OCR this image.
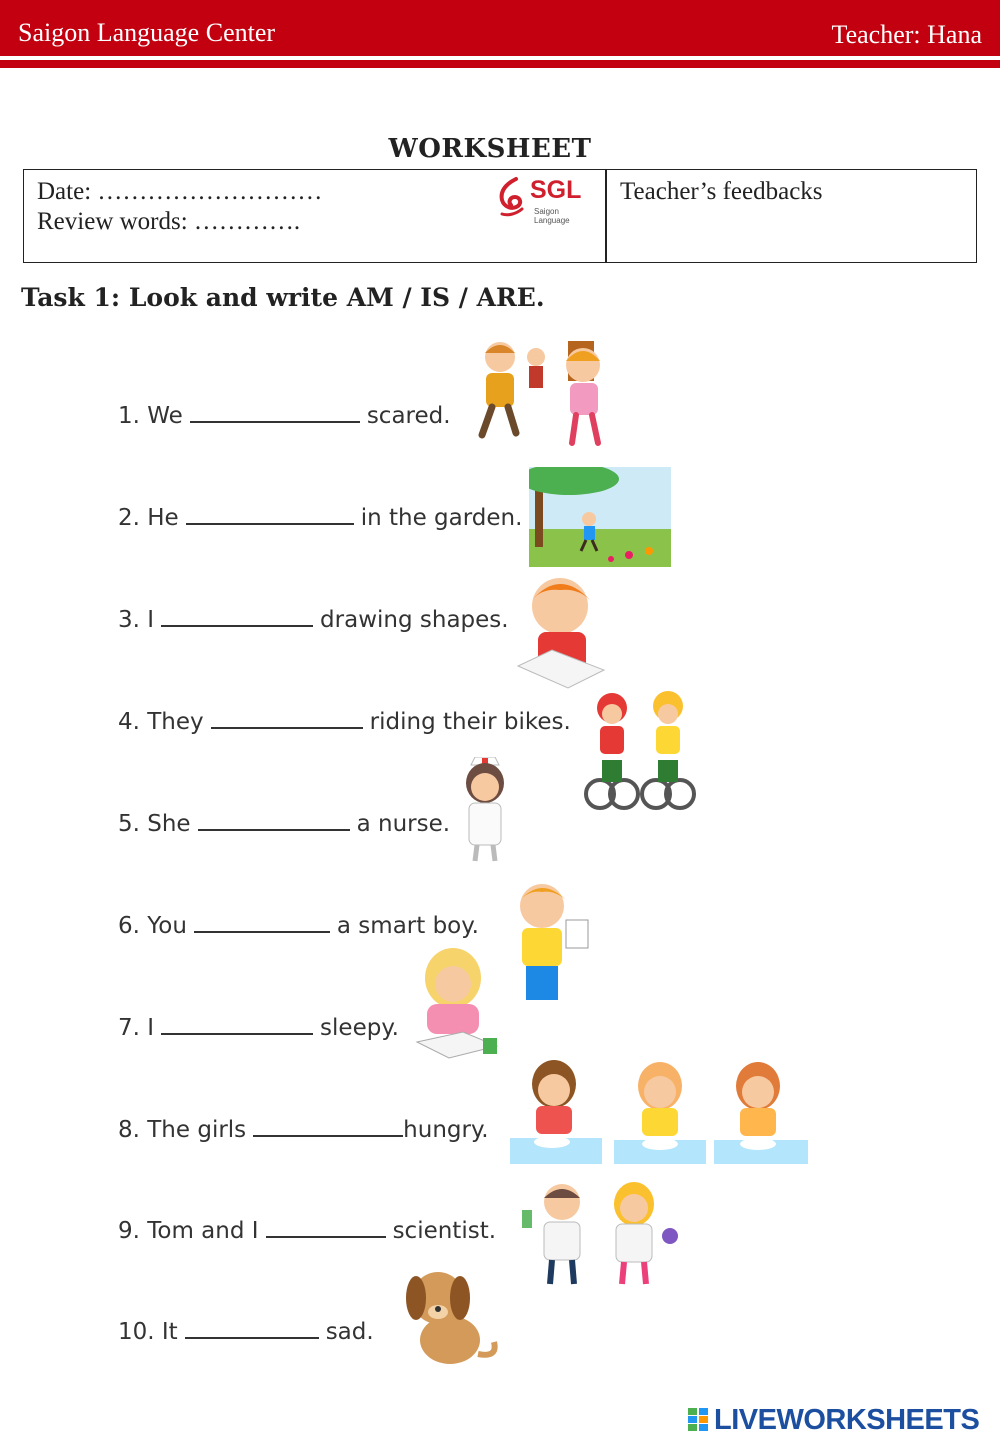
Saigon Language Center	Teacher: Hana
WORKSHEET
Date: ………………………
Review words: ………….
SGL
Saigon Language
Teacher’s feedbacks
Task 1: Look and write AM / IS / ARE.
1. We	scared.
2. He	in the garden.
3. I	drawing shapes.
4. They	riding their bikes.
5. She	a nurse.
6. You	a smart boy.
7. I	sleepy.
8. The girls	hungry.
9. Tom and I	scientist.
10. It	sad.
LIVEWORKSHEETS
